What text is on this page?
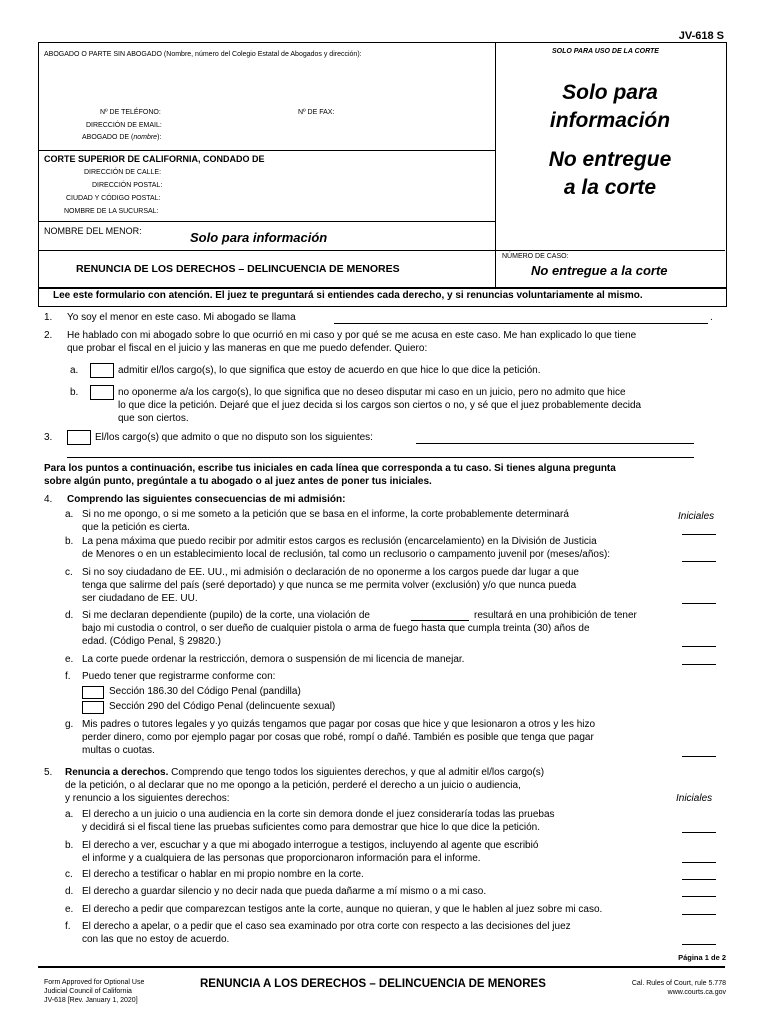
JV-618 S
ABOGADO O PARTE SIN ABOGADO (Nombre, número del Colegio Estatal de Abogados y dirección):	SOLO PARA USO DE LA CORTE
Nº DE TELÉFONO:	Nº DE FAX:
DIRECCIÓN DE EMAIL:
ABOGADO DE (nombre):
Solo para
información
No entregue
a la corte
CORTE SUPERIOR DE CALIFORNIA, CONDADO DE
DIRECCIÓN DE CALLE:
DIRECCIÓN POSTAL:
CIUDAD Y CÓDIGO POSTAL:
NOMBRE DE LA SUCURSAL:
NOMBRE DEL MENOR:	Solo para información
NÚMERO DE CASO:
No entregue a la corte
RENUNCIA DE LOS DERECHOS – DELINCUENCIA DE MENORES
Lee este formulario con atención. El juez te preguntará si entiendes cada derecho, y si renuncias voluntariamente al mismo.
1. Yo soy el menor en este caso. Mi abogado se llama	.
2. He hablado con mi abogado sobre lo que ocurrió en mi caso y por qué se me acusa en este caso. Me han explicado lo que tiene
que probar el fiscal en el juicio y las maneras en que me puedo defender. Quiero:
a.	admitir el/los cargo(s), lo que significa que estoy de acuerdo en que hice lo que dice la petición.
b.	no oponerme a/a los cargo(s), lo que significa que no deseo disputar mi caso en un juicio, pero no admito que hice
lo que dice la petición. Dejaré que el juez decida si los cargos son ciertos o no, y sé que el juez probablemente decida
que son ciertos.
3.	El/los cargo(s) que admito o que no disputo son los siguientes:
Para los puntos a continuación, escribe tus iniciales en cada línea que corresponda a tu caso. Si tienes alguna pregunta
sobre algún punto, pregúntale a tu abogado o al juez antes de poner tus iniciales.
4. Comprendo las siguientes consecuencias de mi admisión:
Iniciales
a. Si no me opongo, o si me someto a la petición que se basa en el informe, la corte probablemente determinará
que la petición es cierta.
b. La pena máxima que puedo recibir por admitir estos cargos es reclusión (encarcelamiento) en la División de Justicia
de Menores o en un establecimiento local de reclusión, tal como un reclusorio o campamento juvenil por (meses/años):
c. Si no soy ciudadano de EE. UU., mi admisión o declaración de no oponerme a los cargos puede dar lugar a que
tenga que salirme del país (seré deportado) y que nunca se me permita volver (exclusión) y/o que nunca pueda
ser ciudadano de EE. UU.
d. Si me declaran dependiente (pupilo) de la corte, una violación de	resultará en una prohibición de tener
bajo mi custodia o control, o ser dueño de cualquier pistola o arma de fuego hasta que cumpla treinta (30) años de
edad. (Código Penal, § 29820.)
e. La corte puede ordenar la restricción, demora o suspensión de mi licencia de manejar.
f. Puedo tener que registrarme conforme con:
Sección 186.30 del Código Penal (pandilla)
Sección 290 del Código Penal (delincuente sexual)
g. Mis padres o tutores legales y yo quizás tengamos que pagar por cosas que hice y que lesionaron a otros y les hizo
perder dinero, como por ejemplo pagar por cosas que robé, rompí o dañé. También es posible que tenga que pagar
multas o cuotas.
5. Renuncia a derechos. Comprendo que tengo todos los siguientes derechos, y que al admitir el/los cargo(s)
de la petición, o al declarar que no me opongo a la petición, perderé el derecho a un juicio o audiencia,
y renuncio a los siguientes derechos:	Iniciales
a. El derecho a un juicio o una audiencia en la corte sin demora donde el juez consideraría todas las pruebas
y decidirá si el fiscal tiene las pruebas suficientes como para demostrar que hice lo que dice la petición.
b. El derecho a ver, escuchar y a que mi abogado interrogue a testigos, incluyendo al agente que escribió
el informe y a cualquiera de las personas que proporcionaron información para el informe.
c. El derecho a testificar o hablar en mi propio nombre en la corte.
d. El derecho a guardar silencio y no decir nada que pueda dañarme a mí mismo o a mi caso.
e. El derecho a pedir que comparezcan testigos ante la corte, aunque no quieran, y que le hablen al juez sobre mi caso.
f. El derecho a apelar, o a pedir que el caso sea examinado por otra corte con respecto a las decisiones del juez
con las que no estoy de acuerdo.
Página 1 de 2
Form Approved for Optional Use
Judicial Council of California
JV-618 [Rev. January 1, 2020]
RENUNCIA A LOS DERECHOS – DELINCUENCIA DE MENORES	Cal. Rules of Court, rule 5.778
www.courts.ca.gov
